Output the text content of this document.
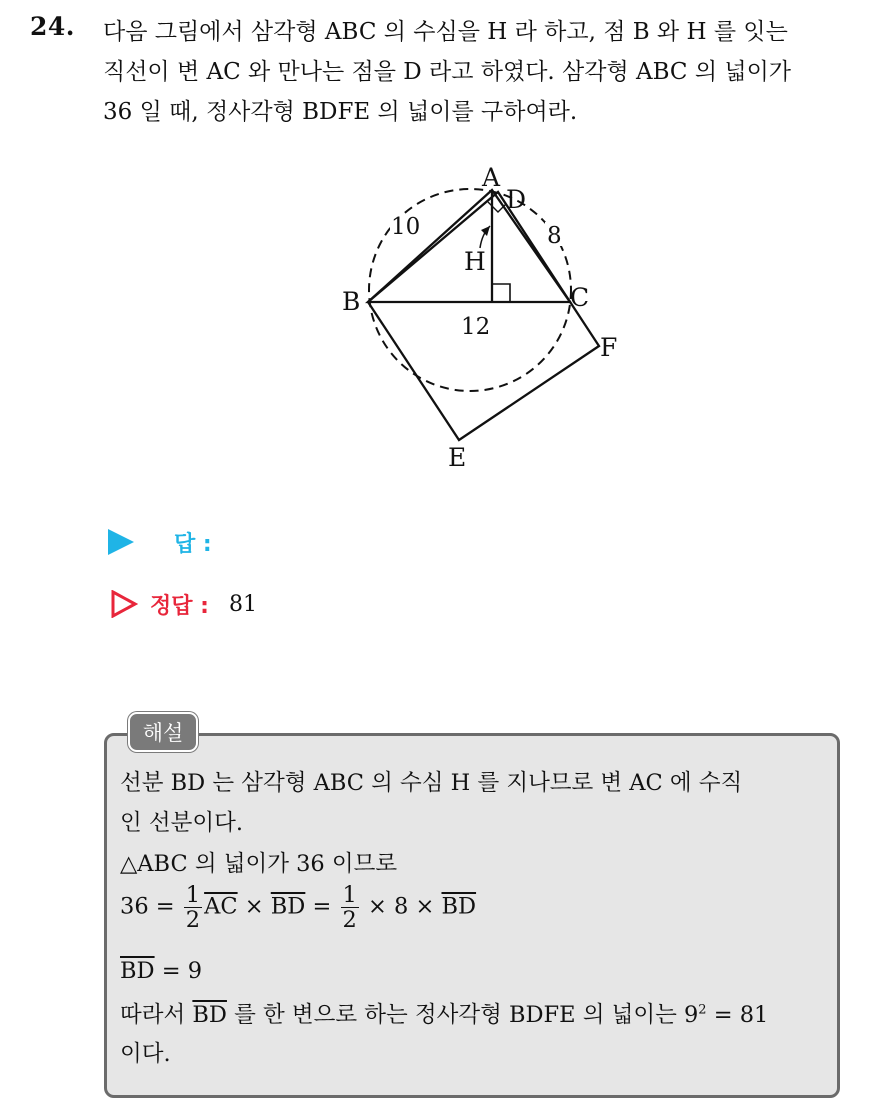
24. 다음 그림에서 삼각형 ABC 의 수심을 H 라 하고, 점 B 와 H 를 잇는
직선이 변 AC 와 만나는 점을 D 라고 하였다. 삼각형 ABC 의 넓이가
36 일 때, 정사각형 BDFE 의 넓이를 구하여라.
A
D
B	C
F
E
H
10	8
12
답 :
정답 : 81
해설
선분 BD 는 삼각형 ABC 의 수심 H 를 지나므로 변 AC 에 수직
인 선분이다.
△ABC 의 넓이가 36 이므로
$36 = \frac{1}{2} \overline{AC} \times \overline{BD} = \frac{1}{2} \times 8 \times \overline{BD}$
$\overline{BD} = 9$
따라서 $\overline{BD}$ 를 한 변으로 하는 정사각형 BDFE 의 넓이는 $9^2 = 81$
이다.
